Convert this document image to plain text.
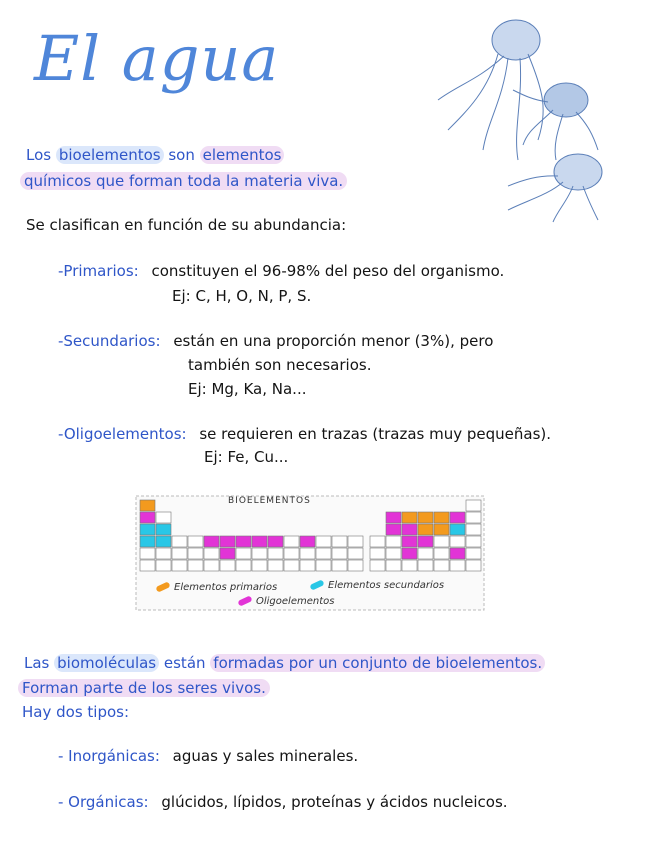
El agua
Los bioelementos son elementos
químicos que forman toda la materia viva.
Se clasifican en función de su abundancia:
-Primarios: constituyen el 96-98% del peso del organismo.
Ej: C, H, O, N, P, S.
-Secundarios: están en una proporción menor (3%), pero
también son necesarios.
Ej: Mg, Ka, Na...
-Oligoelementos: se requieren en trazas (trazas muy pequeñas).
Ej: Fe, Cu...
BIOELEMENTOS
Elementos primarios	Elementos secundarios
Oligoelementos
Las biomoléculas están formadas por un conjunto de bioelementos.
Forman parte de los seres vivos.
Hay dos tipos:
- Inorgánicas: aguas y sales minerales.
- Orgánicas: glúcidos, lípidos, proteínas y ácidos nucleicos.
